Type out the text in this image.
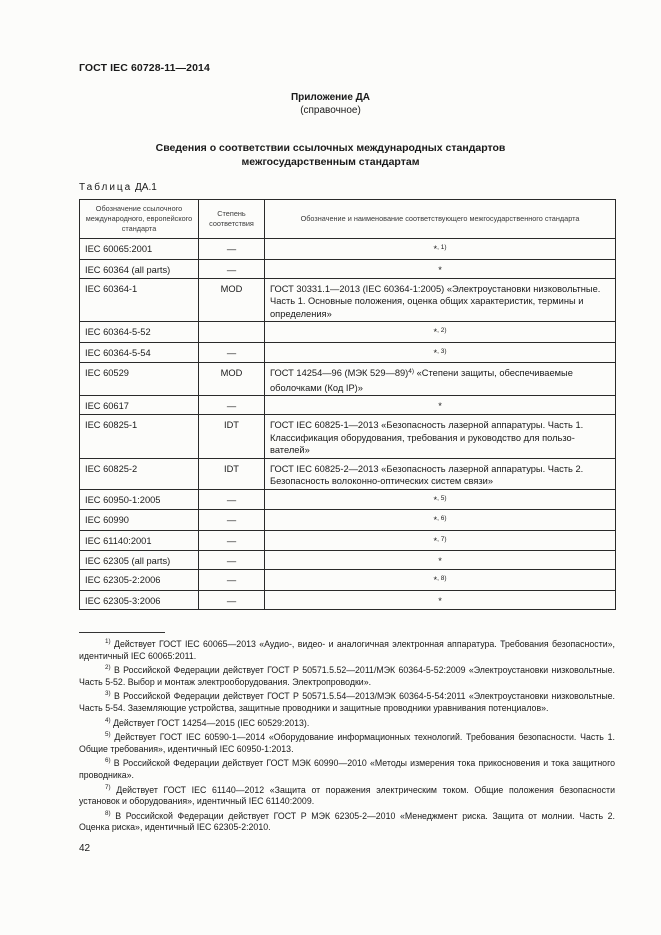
ГОСТ IEC 60728-11—2014
Приложение ДА
(справочное)
Сведения о соответствии ссылочных международных стандартов
межгосударственным стандартам
Таблица ДА.1
Обозначение ссылочного международного, европейского стандарта	Степень соответствия	Обозначение и наименование соответствующего межгосударственного стандарта
IEC 60065:2001	—	*$^{, 1)}$
IEC 60364 (all parts)	—	*
IEC 60364-1	MOD	ГОСТ 30331.1—2013 (IEC 60364-1:2005) «Электроустановки низковольтные. Часть 1. Основные положения, оценка общих характеристик, термины и определения»
IEC 60364-5-52		*$^{, 2)}$
IEC 60364-5-54	—	*$^{, 3)}$
IEC 60529	MOD	ГОСТ 14254—96 (МЭК 529—89)$^{4)}$ «Степени защиты, обеспечиваемые оболочками (Код IP)»
IEC 60617	—	*
IEC 60825-1	IDT	ГОСТ IEC 60825-1—2013 «Безопасность лазерной аппаратуры. Часть 1. Классификация оборудования, требования и руководство для пользователей»
IEC 60825-2	IDT	ГОСТ IEC 60825-2—2013 «Безопасность лазерной аппаратуры. Часть 2. Безопасность волоконно-оптических систем связи»
IEC 60950-1:2005	—	*$^{, 5)}$
IEC 60990	—	*$^{, 6)}$
IEC 61140:2001	—	*$^{, 7)}$
IEC 62305 (all parts)	—	*
IEC 62305-2:2006	—	*$^{, 8)}$
IEC 62305-3:2006	—	*

$^{1)}$ Действует ГОСТ IEC 60065—2013 «Аудио-, видео- и аналогичная электронная аппаратура. Требования безопасности», идентичный IEC 60065:2011.

$^{2)}$ В Российской Федерации действует ГОСТ Р 50571.5.52—2011/МЭК 60364-5-52:2009 «Электроустановки низковольтные. Часть 5-52. Выбор и монтаж электрооборудования. Электропроводки».

$^{3)}$ В Российской Федерации действует ГОСТ Р 50571.5.54—2013/МЭК 60364-5-54:2011 «Электроустановки низковольтные. Часть 5-54. Заземляющие устройства, защитные проводники и защитные проводники уравнивания потенциалов».

$^{4)}$ Действует ГОСТ 14254—2015 (IEC 60529:2013).

$^{5)}$ Действует ГОСТ IEC 60590-1—2014 «Оборудование информационных технологий. Требования безопасности. Часть 1. Общие требования», идентичный IEC 60950-1:2013.

$^{6)}$ В Российской Федерации действует ГОСТ МЭК 60990—2010 «Методы измерения тока прикосновения и тока защитного проводника».

$^{7)}$ Действует ГОСТ IEC 61140—2012 «Защита от поражения электрическим током. Общие положения безопасности установок и оборудования», идентичный IEC 61140:2009.

$^{8)}$ В Российской Федерации действует ГОСТ Р МЭК 62305-2—2010 «Менеджмент риска. Защита от молнии. Часть 2. Оценка риска», идентичный IEC 62305-2:2010.

42
